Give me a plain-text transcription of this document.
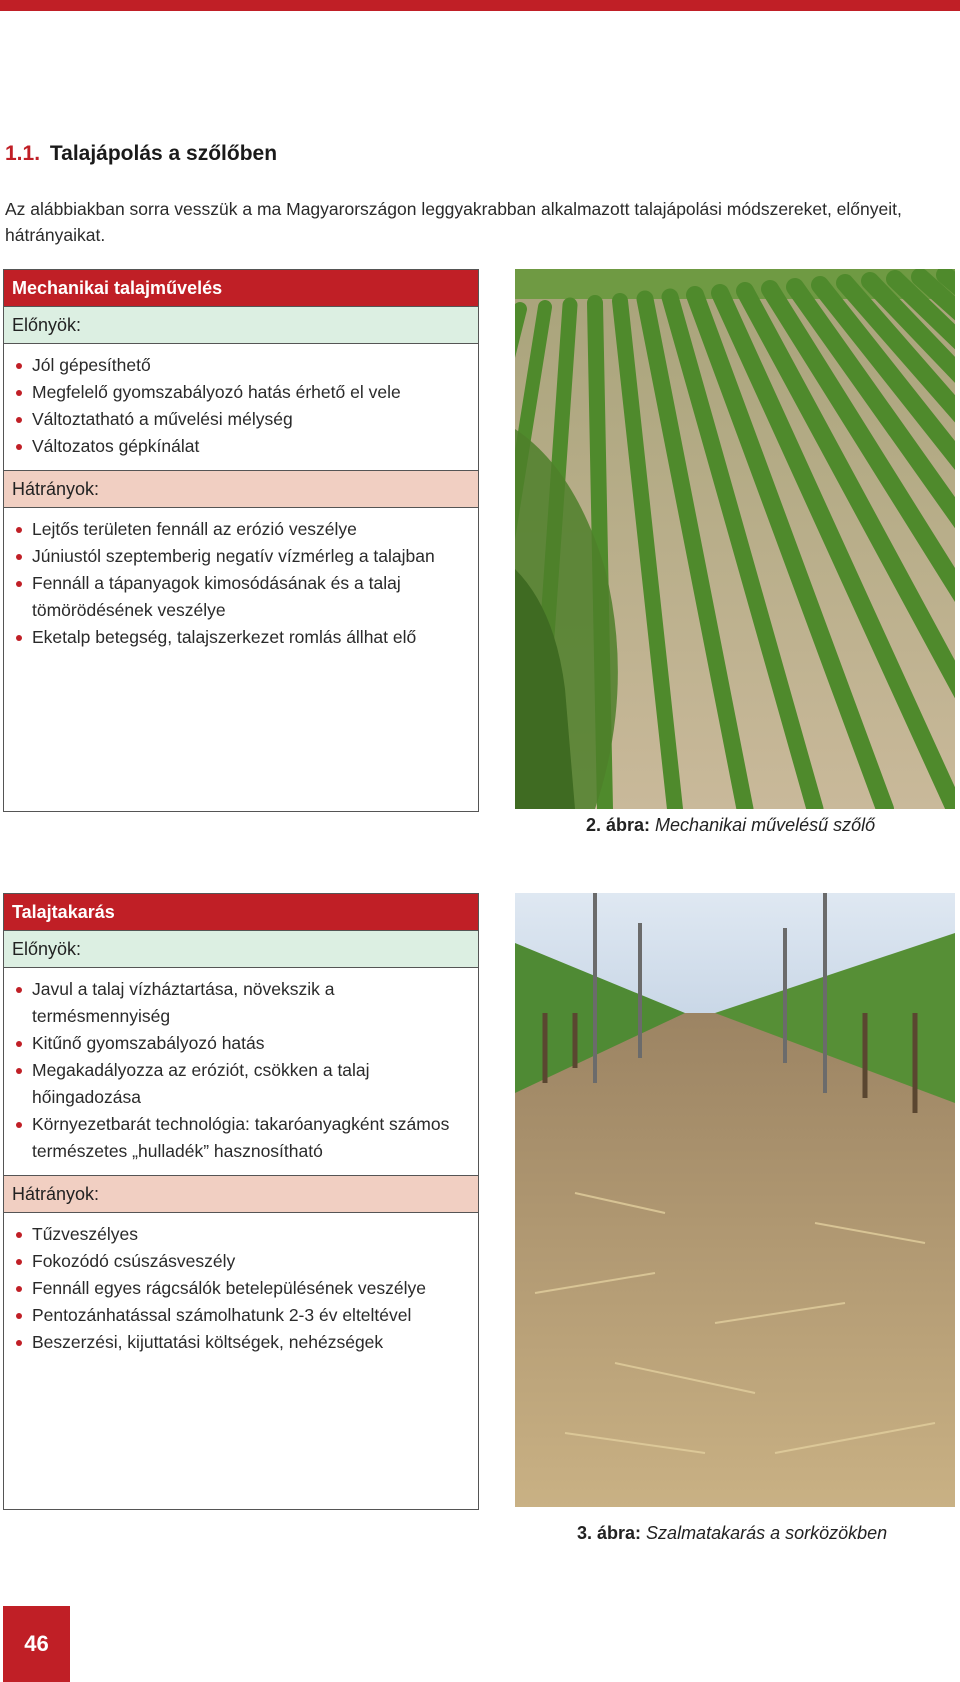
1.1. Talajápolás a szőlőben
Az alábbiakban sorra vesszük a ma Magyarországon leggyakrabban alkalmazott talajápolási módszereket, előnyeit, hátrányaikat.
Mechanikai talajművelés
Előnyök:
Jól gépesíthető
Megfelelő gyomszabályozó hatás érhető el vele
Változtatható a művelési mélység
Változatos gépkínálat
Hátrányok:
Lejtős területen fennáll az erózió veszélye
Júniustól szeptemberig negatív vízmérleg a talajban
Fennáll a tápanyagok kimosódásának és a talaj tömörödésének veszélye
Eketalp betegség, talajszerkezet romlás állhat elő
2. ábra: Mechanikai művelésű szőlő
Talajtakarás
Előnyök:
Javul a talaj vízháztartása, növekszik a termésmennyiség
Kitűnő gyomszabályozó hatás
Megakadályozza az eróziót, csökken a talaj hőingadozása
Környezetbarát technológia: takaróanyagként számos természetes „hulladék” hasznosítható
Hátrányok:
Tűzveszélyes
Fokozódó csúszásveszély
Fennáll egyes rágcsálók betelepülésének veszélye
Pentozánhatással számolhatunk 2-3 év elteltével
Beszerzési, kijuttatási költségek, nehézségek
3. ábra: Szalmatakarás a sorközökben
46
